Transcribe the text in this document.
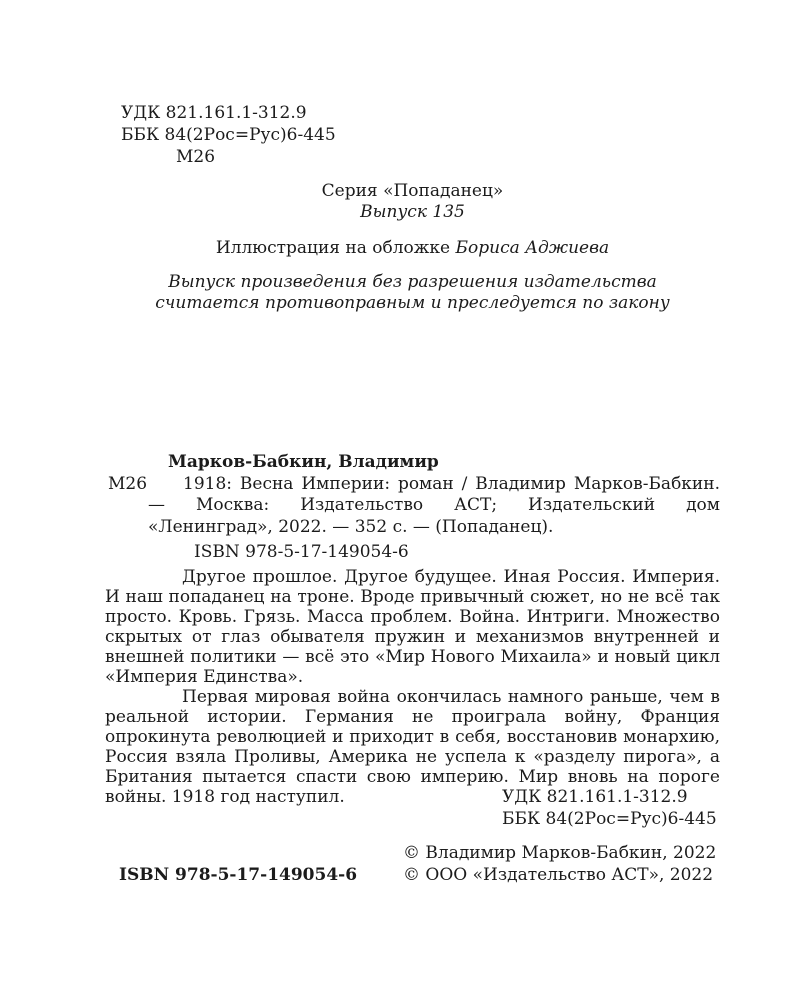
УДК 821.161.1-312.9
ББК 84(2Рос=Рус)6-445
М26
Серия «Попаданец»
Выпуск 135
Иллюстрация на обложке Бориса Аджиева
Выпуск произведения без разрешения издательства
считается противоправным и преследуется по закону
Марков-Бабкин, Владимир
М26	1918: Весна Империи: роман / Владимир Марков-Бабкин. — Москва: Издательство АСТ; Издательский дом «Ленинград», 2022. — 352 с. — (Попаданец).

ISBN 978-5-17-149054-6

Другое прошлое. Другое будущее. Иная Россия. Империя. И наш попаданец на троне. Вроде привычный сюжет, но не всё так просто. Кровь. Грязь. Масса проблем. Война. Интриги. Множество скрытых от глаз обывателя пружин и механизмов внутренней и внешней политики — всё это «Мир Нового Михаила» и новый цикл «Империя Единства».

Первая мировая война окончилась намного раньше, чем в реальной истории. Германия не проиграла войну, Франция опрокинута революцией и приходит в себя, восстановив монархию, Россия взяла Проливы, Америка не успела к «разделу пирога», а Британия пытается спасти свою империю. Мир вновь на пороге войны. 1918 год наступил.	УДК 821.161.1-312.9
ББК 84(2Рос=Рус)6-445
© Владимир Марков-Бабкин, 2022
© ООО «Издательство АСТ», 2022
ISBN 978-5-17-149054-6
